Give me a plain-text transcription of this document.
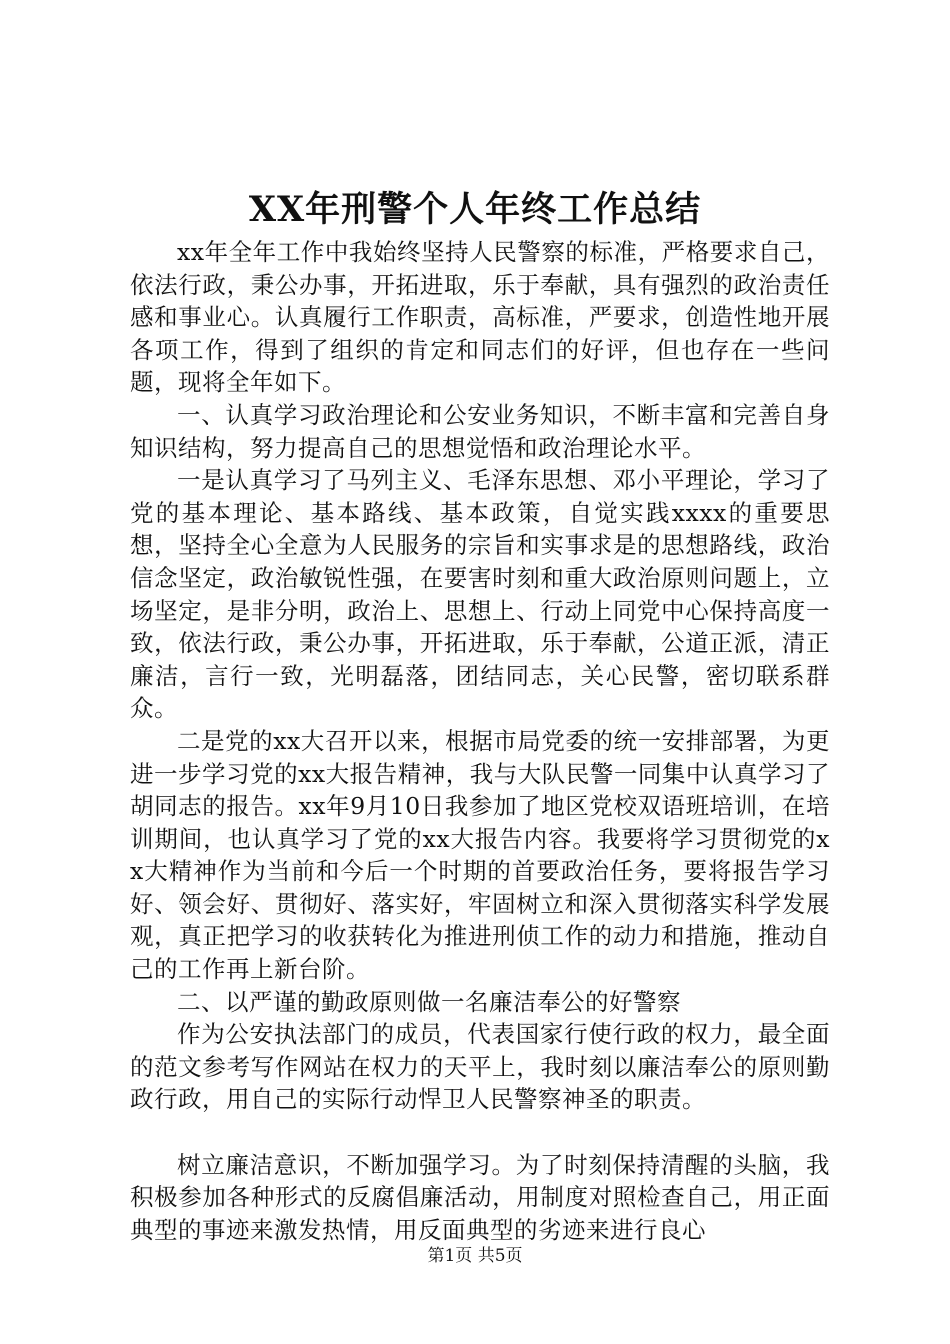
XX年刑警个人年终工作总结

xx年全年工作中我始终坚持人民警察的标准，严格要求自己，依法行政，秉公办事，开拓进取，乐于奉献，具有强烈的政治责任感和事业心。认真履行工作职责，高标准，严要求，创造性地开展各项工作，得到了组织的肯定和同志们的好评，但也存在一些问题，现将全年如下。

一、认真学习政治理论和公安业务知识，不断丰富和完善自身知识结构，努力提高自己的思想觉悟和政治理论水平。

一是认真学习了马列主义、毛泽东思想、邓小平理论，学习了党的基本理论、基本路线、基本政策，自觉实践xxxx的重要思想，坚持全心全意为人民服务的宗旨和实事求是的思想路线，政治信念坚定，政治敏锐性强，在要害时刻和重大政治原则问题上，立场坚定，是非分明，政治上、思想上、行动上同党中心保持高度一致，依法行政，秉公办事，开拓进取，乐于奉献，公道正派，清正廉洁，言行一致，光明磊落，团结同志，关心民警，密切联系群众。

二是党的xx大召开以来，根据市局党委的统一安排部署，为更进一步学习党的xx大报告精神，我与大队民警一同集中认真学习了胡同志的报告。xx年9月10日我参加了地区党校双语班培训，在培训期间，也认真学习了党的xx大报告内容。我要将学习贯彻党的xx大精神作为当前和今后一个时期的首要政治任务，要将报告学习好、领会好、贯彻好、落实好，牢固树立和深入贯彻落实科学发展观，真正把学习的收获转化为推进刑侦工作的动力和措施，推动自己的工作再上新台阶。

二、以严谨的勤政原则做一名廉洁奉公的好警察

作为公安执法部门的成员，代表国家行使行政的权力，最全面的范文参考写作网站在权力的天平上，我时刻以廉洁奉公的原则勤政行政，用自己的实际行动悍卫人民警察神圣的职责。

树立廉洁意识，不断加强学习。为了时刻保持清醒的头脑，我积极参加各种形式的反腐倡廉活动，用制度对照检查自己，用正面典型的事迹来激发热情，用反面典型的劣迹来进行良心

第1页 共5页
